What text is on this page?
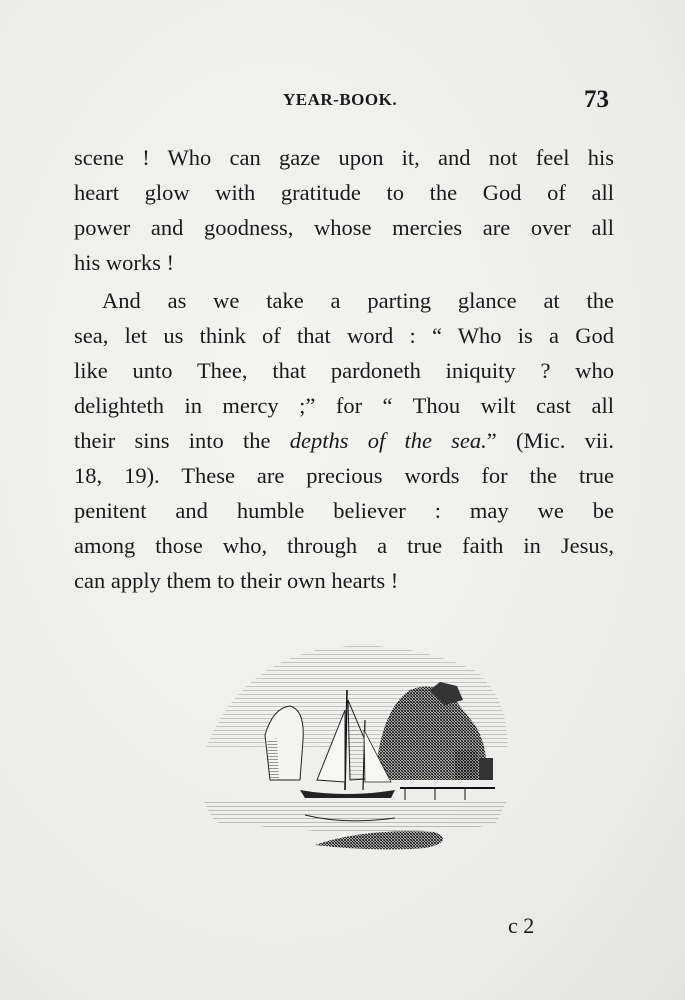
YEAR-BOOK.	73
scene ! Who can gaze upon it, and not feel his
heart glow with gratitude to the God of all
power and goodness, whose mercies are over all
his works !
And as we take a parting glance at the
sea, let us think of that word : “ Who is a God
like unto Thee, that pardoneth iniquity ? who
delighteth in mercy ;” for “ Thou wilt cast all
their sins into the depths of the sea.” (Mic. vii.
18, 19). These are precious words for the true
penitent and humble believer : may we be
among those who, through a true faith in Jesus,
can apply them to their own hearts !
c 2
